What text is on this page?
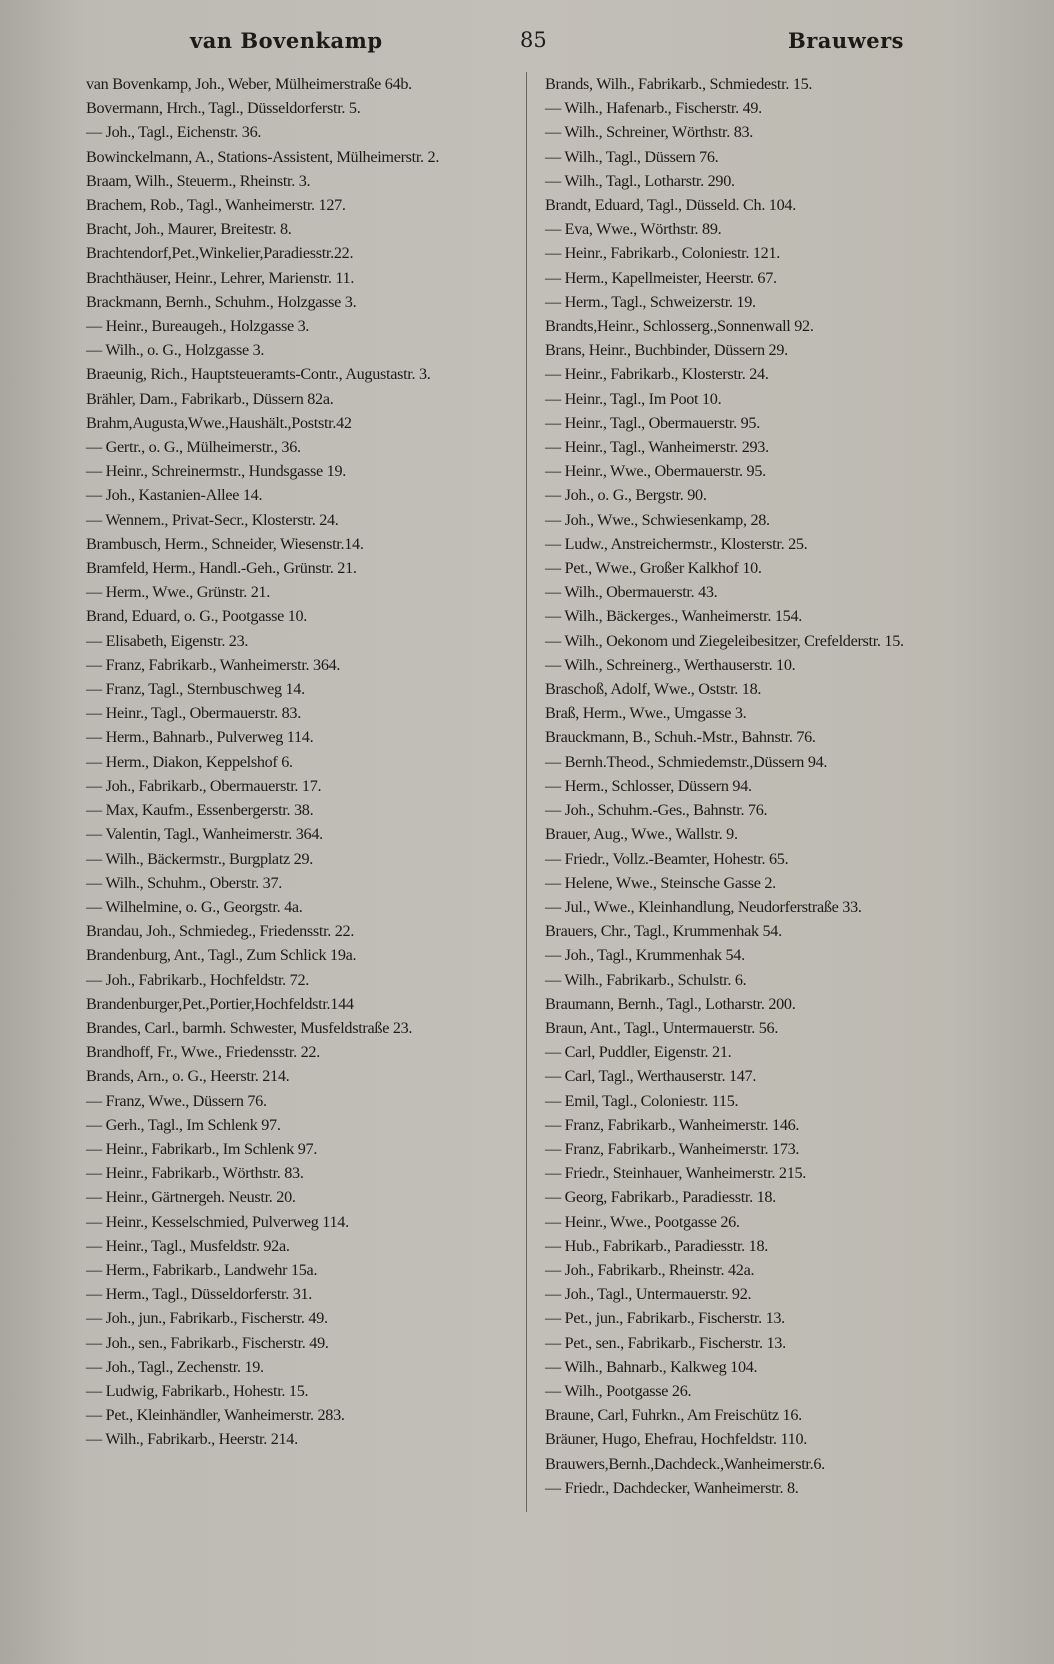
van Bovenkamp	85	Brauwers
van Bovenkamp, Joh., Weber, Mülheimerstraße 64b.
Bovermann, Hrch., Tagl., Düsseldorferstr. 5.
— Joh., Tagl., Eichenstr. 36.
Bowinckelmann, A., Stations-Assistent, Mülheimerstr. 2.
Braam, Wilh., Steuerm., Rheinstr. 3.
Brachem, Rob., Tagl., Wanheimerstr. 127.
Bracht, Joh., Maurer, Breitestr. 8.
Brachtendorf,Pet.,Winkelier,Paradiesstr.22.
Brachthäuser, Heinr., Lehrer, Marienstr. 11.
Brackmann, Bernh., Schuhm., Holzgasse 3.
— Heinr., Bureaugeh., Holzgasse 3.
— Wilh., o. G., Holzgasse 3.
Braeunig, Rich., Hauptsteueramts-Contr., Augustastr. 3.
Brähler, Dam., Fabrikarb., Düssern 82a.
Brahm,Augusta,Wwe.,Haushält.,Poststr.42
— Gertr., o. G., Mülheimerstr., 36.
— Heinr., Schreinermstr., Hundsgasse 19.
— Joh., Kastanien-Allee 14.
— Wennem., Privat-Secr., Klosterstr. 24.
Brambusch, Herm., Schneider, Wiesenstr.14.
Bramfeld, Herm., Handl.-Geh., Grünstr. 21.
— Herm., Wwe., Grünstr. 21.
Brand, Eduard, o. G., Pootgasse 10.
— Elisabeth, Eigenstr. 23.
— Franz, Fabrikarb., Wanheimerstr. 364.
— Franz, Tagl., Sternbuschweg 14.
— Heinr., Tagl., Obermauerstr. 83.
— Herm., Bahnarb., Pulverweg 114.
— Herm., Diakon, Keppelshof 6.
— Joh., Fabrikarb., Obermauerstr. 17.
— Max, Kaufm., Essenbergerstr. 38.
— Valentin, Tagl., Wanheimerstr. 364.
— Wilh., Bäckermstr., Burgplatz 29.
— Wilh., Schuhm., Oberstr. 37.
— Wilhelmine, o. G., Georgstr. 4a.
Brandau, Joh., Schmiedeg., Friedensstr. 22.
Brandenburg, Ant., Tagl., Zum Schlick 19a.
— Joh., Fabrikarb., Hochfeldstr. 72.
Brandenburger,Pet.,Portier,Hochfeldstr.144
Brandes, Carl., barmh. Schwester, Musfeldstraße 23.
Brandhoff, Fr., Wwe., Friedensstr. 22.
Brands, Arn., o. G., Heerstr. 214.
— Franz, Wwe., Düssern 76.
— Gerh., Tagl., Im Schlenk 97.
— Heinr., Fabrikarb., Im Schlenk 97.
— Heinr., Fabrikarb., Wörthstr. 83.
— Heinr., Gärtnergeh. Neustr. 20.
— Heinr., Kesselschmied, Pulverweg 114.
— Heinr., Tagl., Musfeldstr. 92a.
— Herm., Fabrikarb., Landwehr 15a.
— Herm., Tagl., Düsseldorferstr. 31.
— Joh., jun., Fabrikarb., Fischerstr. 49.
— Joh., sen., Fabrikarb., Fischerstr. 49.
— Joh., Tagl., Zechenstr. 19.
— Ludwig, Fabrikarb., Hohestr. 15.
— Pet., Kleinhändler, Wanheimerstr. 283.
— Wilh., Fabrikarb., Heerstr. 214.
Brands, Wilh., Fabrikarb., Schmiedestr. 15.
— Wilh., Hafenarb., Fischerstr. 49.
— Wilh., Schreiner, Wörthstr. 83.
— Wilh., Tagl., Düssern 76.
— Wilh., Tagl., Lotharstr. 290.
Brandt, Eduard, Tagl., Düsseld. Ch. 104.
— Eva, Wwe., Wörthstr. 89.
— Heinr., Fabrikarb., Coloniestr. 121.
— Herm., Kapellmeister, Heerstr. 67.
— Herm., Tagl., Schweizerstr. 19.
Brandts,Heinr., Schlosserg.,Sonnenwall 92.
Brans, Heinr., Buchbinder, Düssern 29.
— Heinr., Fabrikarb., Klosterstr. 24.
— Heinr., Tagl., Im Poot 10.
— Heinr., Tagl., Obermauerstr. 95.
— Heinr., Tagl., Wanheimerstr. 293.
— Heinr., Wwe., Obermauerstr. 95.
— Joh., o. G., Bergstr. 90.
— Joh., Wwe., Schwiesenkamp, 28.
— Ludw., Anstreichermstr., Klosterstr. 25.
— Pet., Wwe., Großer Kalkhof 10.
— Wilh., Obermauerstr. 43.
— Wilh., Bäckerges., Wanheimerstr. 154.
— Wilh., Oekonom und Ziegeleibesitzer, Crefelderstr. 15.
— Wilh., Schreinerg., Werthauserstr. 10.
Braschoß, Adolf, Wwe., Oststr. 18.
Braß, Herm., Wwe., Umgasse 3.
Brauckmann, B., Schuh.-Mstr., Bahnstr. 76.
— Bernh.Theod., Schmiedemstr.,Düssern 94.
— Herm., Schlosser, Düssern 94.
— Joh., Schuhm.-Ges., Bahnstr. 76.
Brauer, Aug., Wwe., Wallstr. 9.
— Friedr., Vollz.-Beamter, Hohestr. 65.
— Helene, Wwe., Steinsche Gasse 2.
— Jul., Wwe., Kleinhandlung, Neudorferstraße 33.
Brauers, Chr., Tagl., Krummenhak 54.
— Joh., Tagl., Krummenhak 54.
— Wilh., Fabrikarb., Schulstr. 6.
Braumann, Bernh., Tagl., Lotharstr. 200.
Braun, Ant., Tagl., Untermauerstr. 56.
— Carl, Puddler, Eigenstr. 21.
— Carl, Tagl., Werthauserstr. 147.
— Emil, Tagl., Coloniestr. 115.
— Franz, Fabrikarb., Wanheimerstr. 146.
— Franz, Fabrikarb., Wanheimerstr. 173.
— Friedr., Steinhauer, Wanheimerstr. 215.
— Georg, Fabrikarb., Paradiesstr. 18.
— Heinr., Wwe., Pootgasse 26.
— Hub., Fabrikarb., Paradiesstr. 18.
— Joh., Fabrikarb., Rheinstr. 42a.
— Joh., Tagl., Untermauerstr. 92.
— Pet., jun., Fabrikarb., Fischerstr. 13.
— Pet., sen., Fabrikarb., Fischerstr. 13.
— Wilh., Bahnarb., Kalkweg 104.
— Wilh., Pootgasse 26.
Braune, Carl, Fuhrkn., Am Freischütz 16.
Bräuner, Hugo, Ehefrau, Hochfeldstr. 110.
Brauwers,Bernh.,Dachdeck.,Wanheimerstr.6.
— Friedr., Dachdecker, Wanheimerstr. 8.
